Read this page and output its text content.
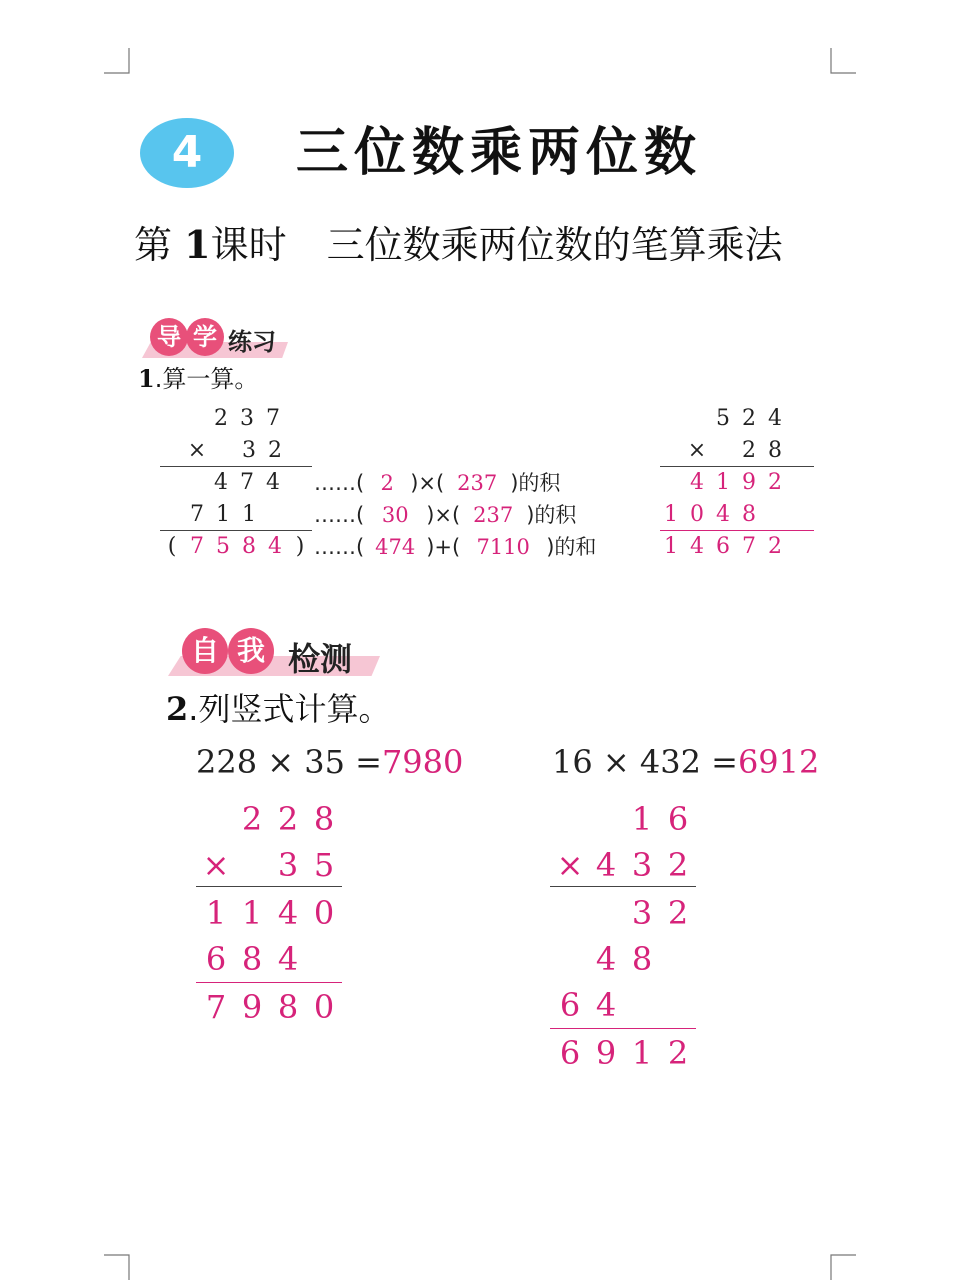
4	三位数乘两位数
第 1课时 三位数乘两位数的笔算乘法
导 学 练习
1.算一算。
2 3 7
× 3 2
4 7 4
7 1 1
( 7 5 8 4 )
……( 2 )×( 237 )的积
……( 30 )×( 237 )的积
……( 474 )+( 7110 )的和
5 2 4
× 2 8
4 1 9 2
1 0 4 8
1 4 6 7 2
自 我 检测
2.列竖式计算。
228 × 35 =7980
2 2 8
× 3 5
1 1 4 0
6 8 4
7 9 8 0
16 × 432 =6912
1 6
× 4 3 2
3 2
4 8
6 4
6 9 1 2
